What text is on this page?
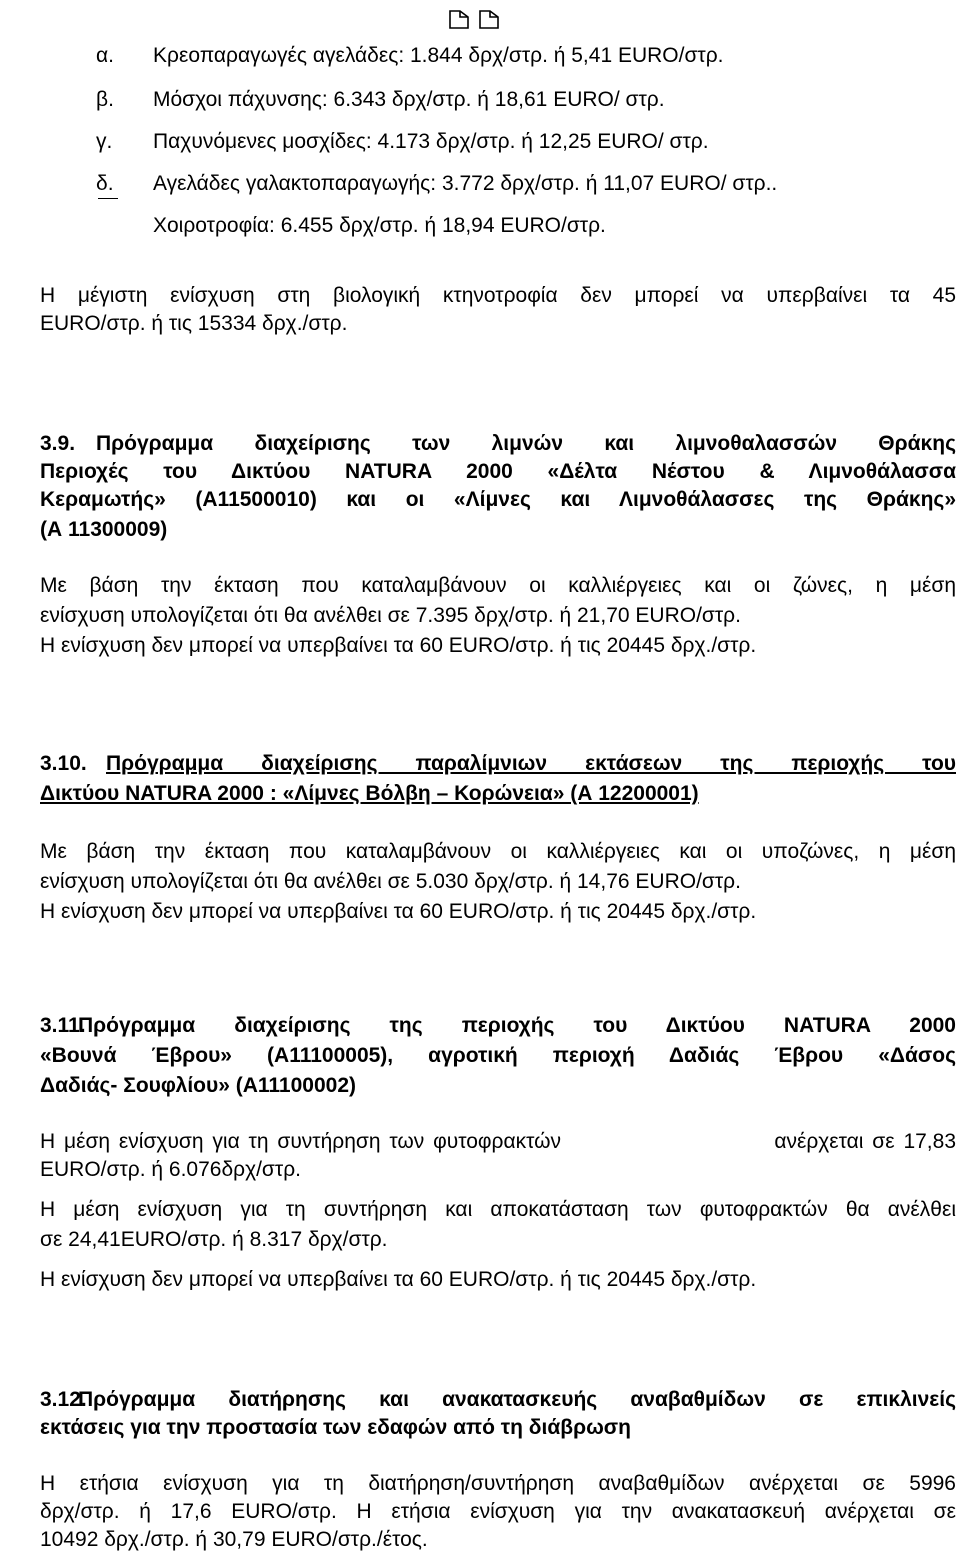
α. Κρεοπαραγωγές αγελάδες: 1.844 δρχ/στρ. ή 5,41 EURO/στρ.
β. Μόσχοι πάχυνσης: 6.343 δρχ/στρ. ή 18,61 EURO/ στρ.
γ. Παχυνόμενες μοσχίδες: 4.173 δρχ/στρ. ή 12,25 EURO/ στρ.
δ. Αγελάδες γαλακτοπαραγωγής: 3.772 δρχ/στρ. ή 11,07 EURO/ στρ..
Χοιροτροφία: 6.455 δρχ/στρ. ή 18,94 EURO/στρ.
Η μέγιστη ενίσχυση στη βιολογική κτηνοτροφία δεν μπορεί να υπερβαίνει τα 45
EURO/στρ. ή τις 15334 δρχ./στρ.
3.9. Πρόγραμμα διαχείρισης των λιμνών και λιμνοθαλασσών Θράκης
Περιοχές του Δικτύου NATURA 2000 «Δέλτα Νέστου & Λιμνοθάλασσα
Κεραμωτής» (Α11500010) και οι «Λίμνες και Λιμνοθάλασσες της Θράκης»
(Α 11300009)
Με βάση την έκταση που καταλαμβάνουν οι καλλιέργειες και οι ζώνες, η μέση
ενίσχυση υπολογίζεται ότι θα ανέλθει σε 7.395 δρχ/στρ. ή 21,70 EURO/στρ.
Η ενίσχυση δεν μπορεί να υπερβαίνει τα 60 EURO/στρ. ή τις 20445 δρχ./στρ.
3.10. Πρόγραμμα διαχείρισης παραλίμνιων εκτάσεων της περιοχής του
Δικτύου NATURA 2000 : «Λίμνες Βόλβη – Κορώνεια» (Α 12200001)
Με βάση την έκταση που καταλαμβάνουν οι καλλιέργειες και οι υποζώνες, η μέση
ενίσχυση υπολογίζεται ότι θα ανέλθει σε 5.030 δρχ/στρ. ή 14,76 EURO/στρ.
Η ενίσχυση δεν μπορεί να υπερβαίνει τα 60 EURO/στρ. ή τις 20445 δρχ./στρ.
3.11.
Πρόγραμμα διαχείρισης της περιοχής του Δικτύου NATURA 2000
«Βουνά Έβρου» (Α11100005), αγροτική περιοχή Δαδιάς Έβρου «Δάσος
Δαδιάς- Σουφλίου» (Α11100002)
Η μέση ενίσχυση για τη συντήρηση των φυτοφρακτών	ανέρχεται σε 17,83
EURO/στρ. ή 6.076δρχ/στρ.
Η μέση ενίσχυση για τη συντήρηση και αποκατάσταση των φυτοφρακτών θα ανέλθει
σε 24,41EURO/στρ. ή 8.317 δρχ/στρ.
Η ενίσχυση δεν μπορεί να υπερβαίνει τα 60 EURO/στρ. ή τις 20445 δρχ./στρ.
3.12.
Πρόγραμμα διατήρησης και ανακατασκευής αναβαθμίδων σε επικλινείς
εκτάσεις για την προστασία των εδαφών από τη διάβρωση
Η ετήσια ενίσχυση για τη διατήρηση/συντήρηση αναβαθμίδων ανέρχεται σε 5996
δρχ/στρ. ή 17,6 EURO/στρ. Η ετήσια ενίσχυση για την ανακατασκευή ανέρχεται σε
10492 δρχ./στρ. ή 30,79 EURO/στρ./έτος.
